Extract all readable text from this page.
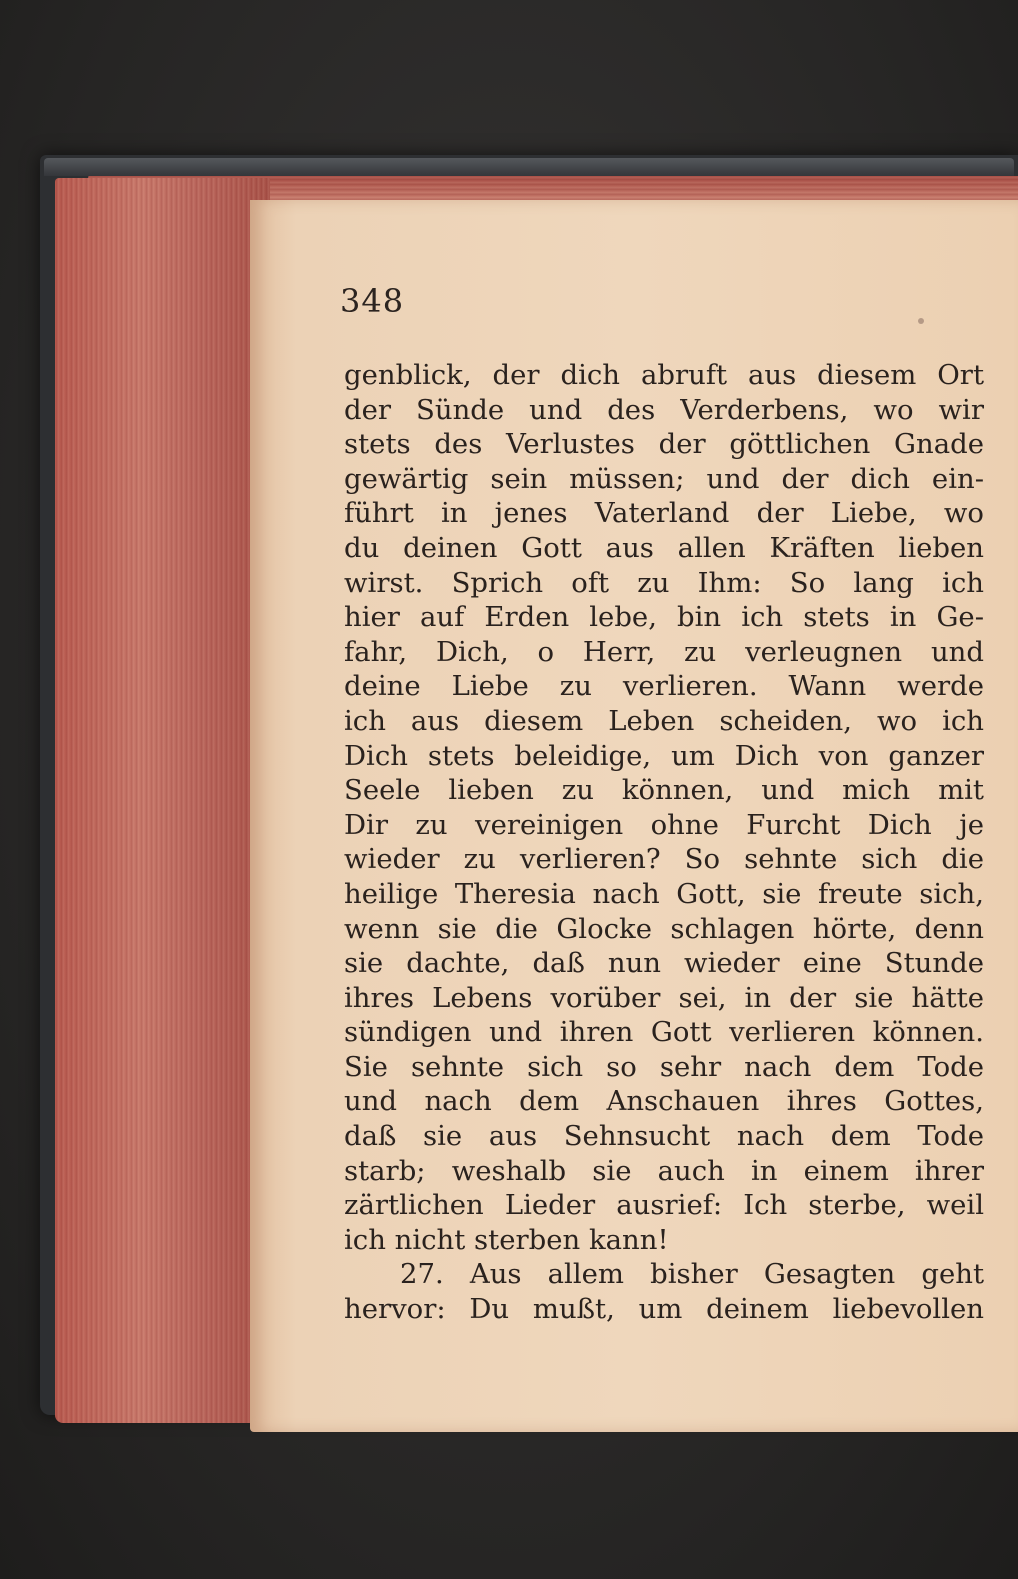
348
genblick, der dich abruft aus diesem Ort
der Sünde und des Verderbens, wo wir
stets des Verlustes der göttlichen Gnade
gewärtig sein müssen; und der dich ein-
führt in jenes Vaterland der Liebe, wo
du deinen Gott aus allen Kräften lieben
wirst. Sprich oft zu Ihm: So lang ich
hier auf Erden lebe, bin ich stets in Ge-
fahr, Dich, o Herr, zu verleugnen und
deine Liebe zu verlieren. Wann werde
ich aus diesem Leben scheiden, wo ich
Dich stets beleidige, um Dich von ganzer
Seele lieben zu können, und mich mit
Dir zu vereinigen ohne Furcht Dich je
wieder zu verlieren? So sehnte sich die
heilige Theresia nach Gott, sie freute sich,
wenn sie die Glocke schlagen hörte, denn
sie dachte, daß nun wieder eine Stunde
ihres Lebens vorüber sei, in der sie hätte
sündigen und ihren Gott verlieren können.
Sie sehnte sich so sehr nach dem Tode
und nach dem Anschauen ihres Gottes,
daß sie aus Sehnsucht nach dem Tode
starb; weshalb sie auch in einem ihrer
zärtlichen Lieder ausrief: Ich sterbe, weil
ich nicht sterben kann!
27. Aus allem bisher Gesagten geht
hervor: Du mußt, um deinem liebevollen
